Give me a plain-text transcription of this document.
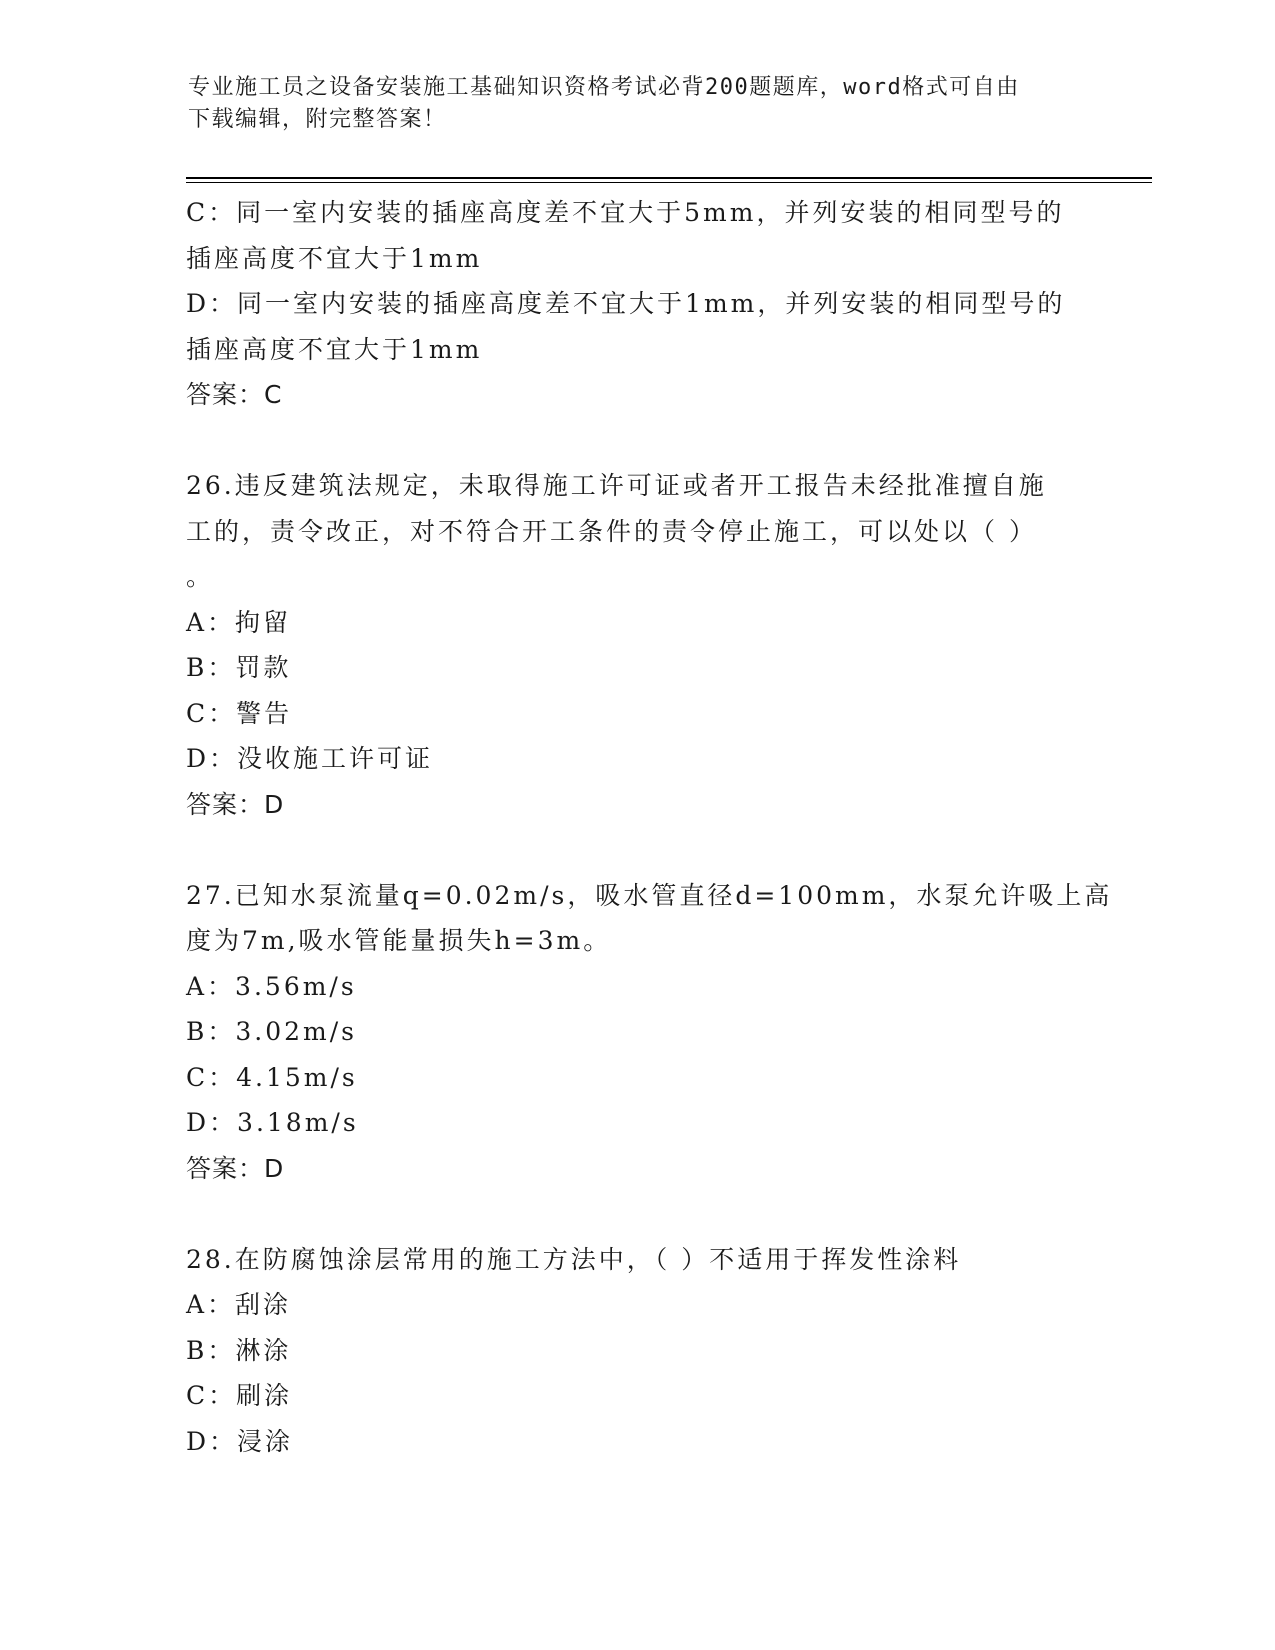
专业施工员之设备安装施工基础知识资格考试必背200题题库，word格式可自由
下载编辑，附完整答案！
C：同一室内安装的插座高度差不宜大于5mm，并列安装的相同型号的
插座高度不宜大于1mm
D：同一室内安装的插座高度差不宜大于1mm，并列安装的相同型号的
插座高度不宜大于1mm
答案：C
26.违反建筑法规定，未取得施工许可证或者开工报告未经批准擅自施
工的，责令改正，对不符合开工条件的责令停止施工，可以处以（ ）
。
A：拘留
B：罚款
C：警告
D：没收施工许可证
答案：D
27.已知水泵流量q=0.02m/s，吸水管直径d=100mm，水泵允许吸上高
度为7m,吸水管能量损失h=3m。
A：3.56m/s
B：3.02m/s
C：4.15m/s
D：3.18m/s
答案：D
28.在防腐蚀涂层常用的施工方法中，（ ）不适用于挥发性涂料
A：刮涂
B：淋涂
C：刷涂
D：浸涂
